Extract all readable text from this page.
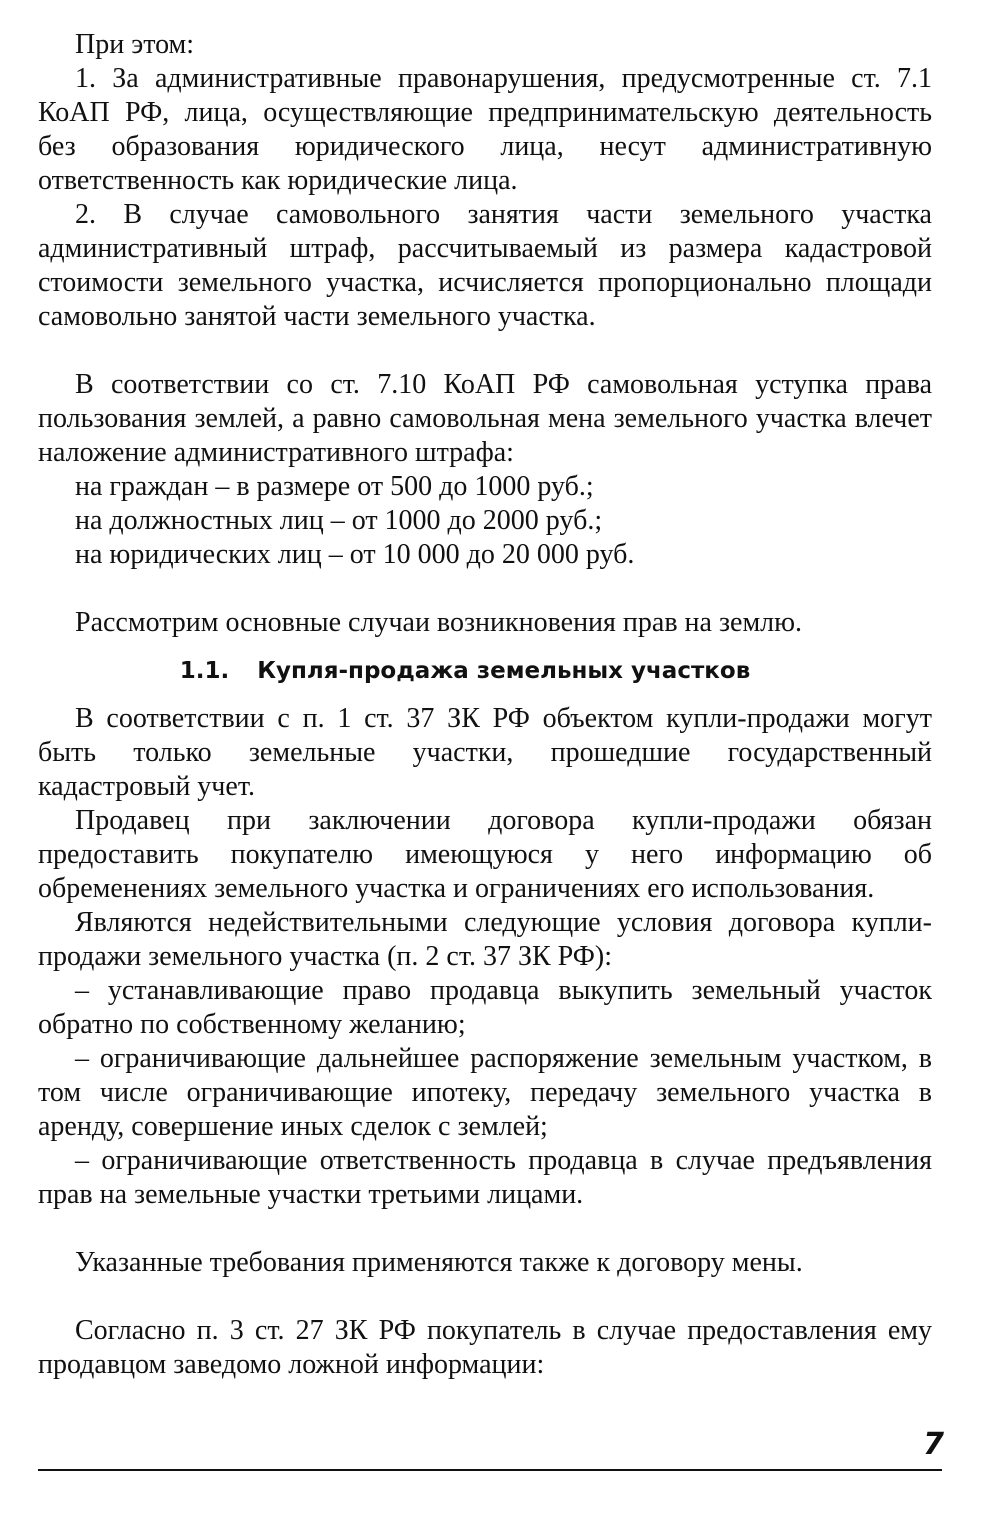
При этом:

1. За административные правонарушения, предусмотренные ст. 7.1 КоАП РФ, лица, осуществляющие предпринимательскую деятельность без образования юридического лица, несут административную ответственность как юридические лица.

2. В случае самовольного занятия части земельного участка административный штраф, рассчитываемый из размера кадастровой стоимости земельного участка, исчисляется пропорционально площади самовольно занятой части земельного участка.

В соответствии со ст. 7.10 КоАП РФ самовольная уступка права пользования землей, а равно самовольная мена земельного участка влечет наложение административного штрафа:

на граждан – в размере от 500 до 1000 руб.;

на должностных лиц – от 1000 до 2000 руб.;

на юридических лиц – от 10 000 до 20 000 руб.

Рассмотрим основные случаи возникновения прав на землю.

1.1. Купля-продажа земельных участков

В соответствии с п. 1 ст. 37 ЗК РФ объектом купли-продажи могут быть только земельные участки, прошедшие государственный кадастровый учет.

Продавец при заключении договора купли-продажи обязан предоставить покупателю имеющуюся у него информацию об обременениях земельного участка и ограничениях его использования.

Являются недействительными следующие условия договора купли-продажи земельного участка (п. 2 ст. 37 ЗК РФ):

– устанавливающие право продавца выкупить земельный участок обратно по собственному желанию;

– ограничивающие дальнейшее распоряжение земельным участком, в том числе ограничивающие ипотеку, передачу земельного участка в аренду, совершение иных сделок с землей;

– ограничивающие ответственность продавца в случае предъявления прав на земельные участки третьими лицами.

Указанные требования применяются также к договору мены.

Согласно п. 3 ст. 27 ЗК РФ покупатель в случае предоставления ему продавцом заведомо ложной информации:

7
